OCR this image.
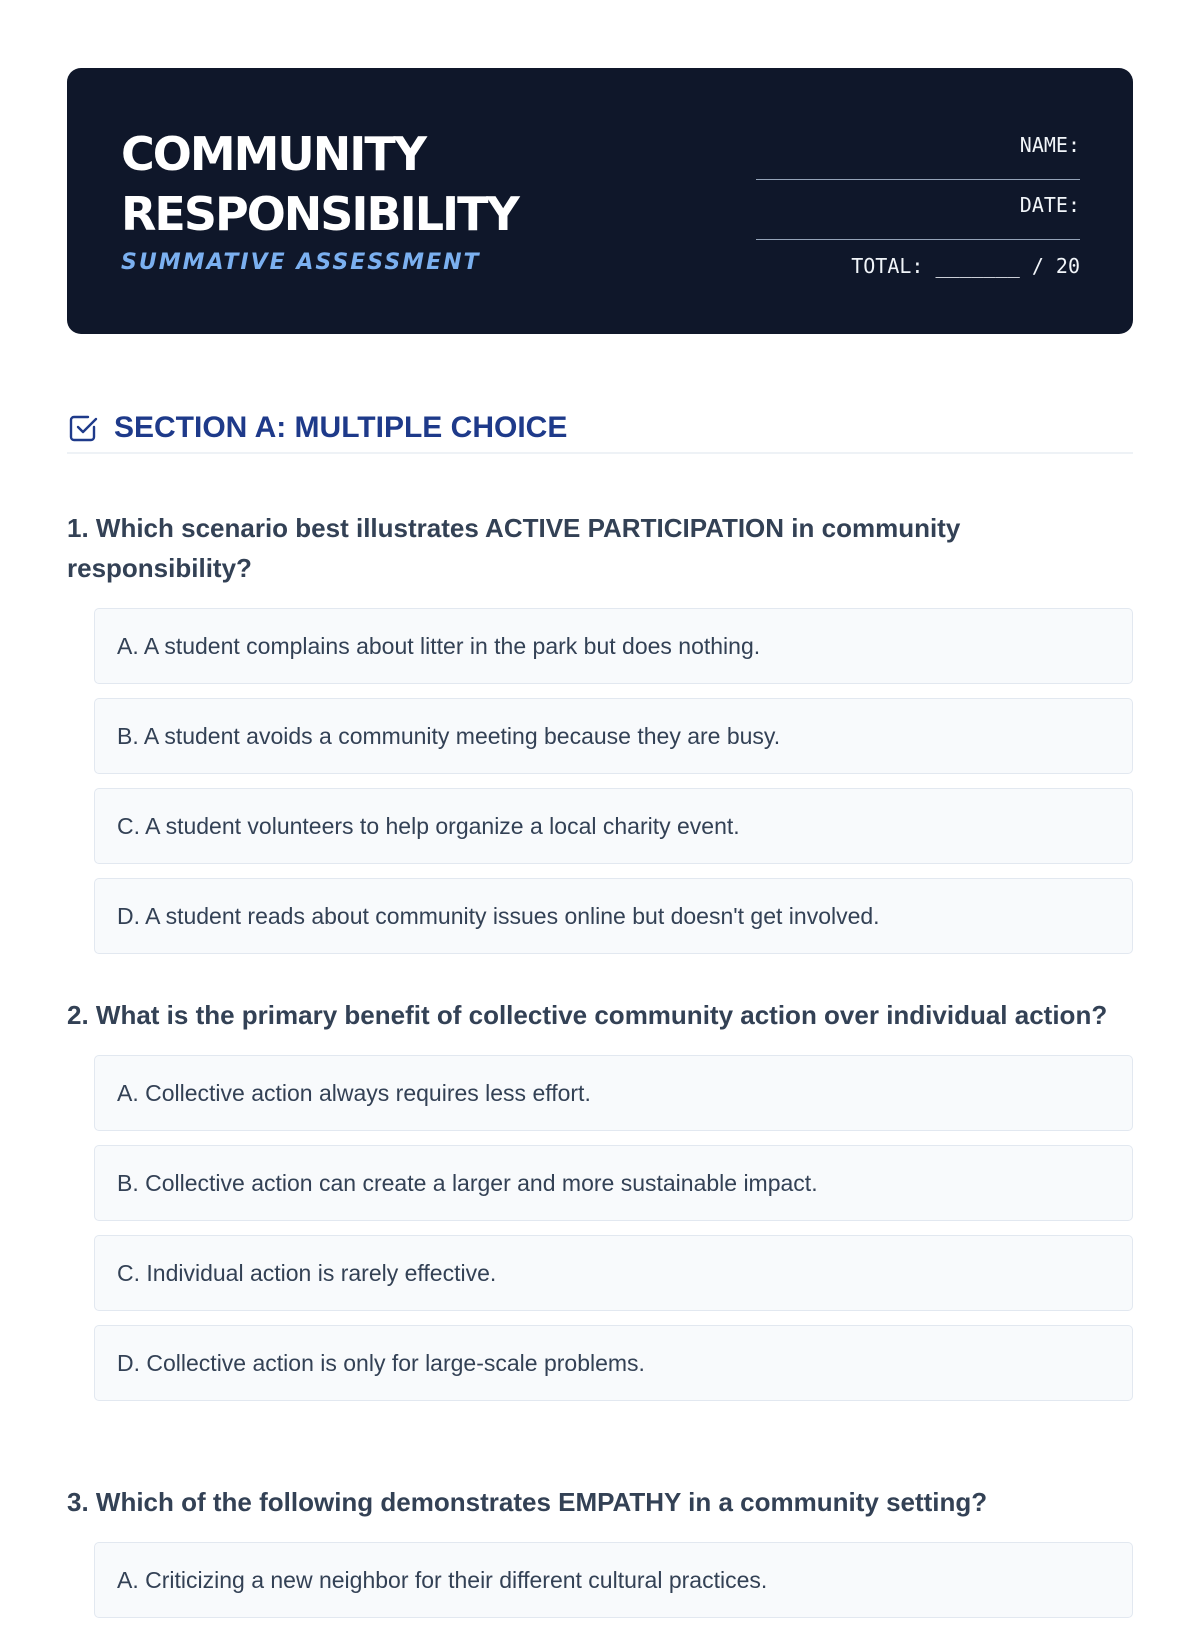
COMMUNITY
RESPONSIBILITY
SUMMATIVE ASSESSMENT
NAME:
DATE:
TOTAL: _______ / 20
SECTION A: MULTIPLE CHOICE

1. Which scenario best illustrates ACTIVE PARTICIPATION in community responsibility?

A. A student complains about litter in the park but does nothing.
B. A student avoids a community meeting because they are busy.
C. A student volunteers to help organize a local charity event.
D. A student reads about community issues online but doesn't get involved.

2. What is the primary benefit of collective community action over individual action?

A. Collective action always requires less effort.
B. Collective action can create a larger and more sustainable impact.
C. Individual action is rarely effective.
D. Collective action is only for large-scale problems.

3. Which of the following demonstrates EMPATHY in a community setting?

A. Criticizing a new neighbor for their different cultural practices.
